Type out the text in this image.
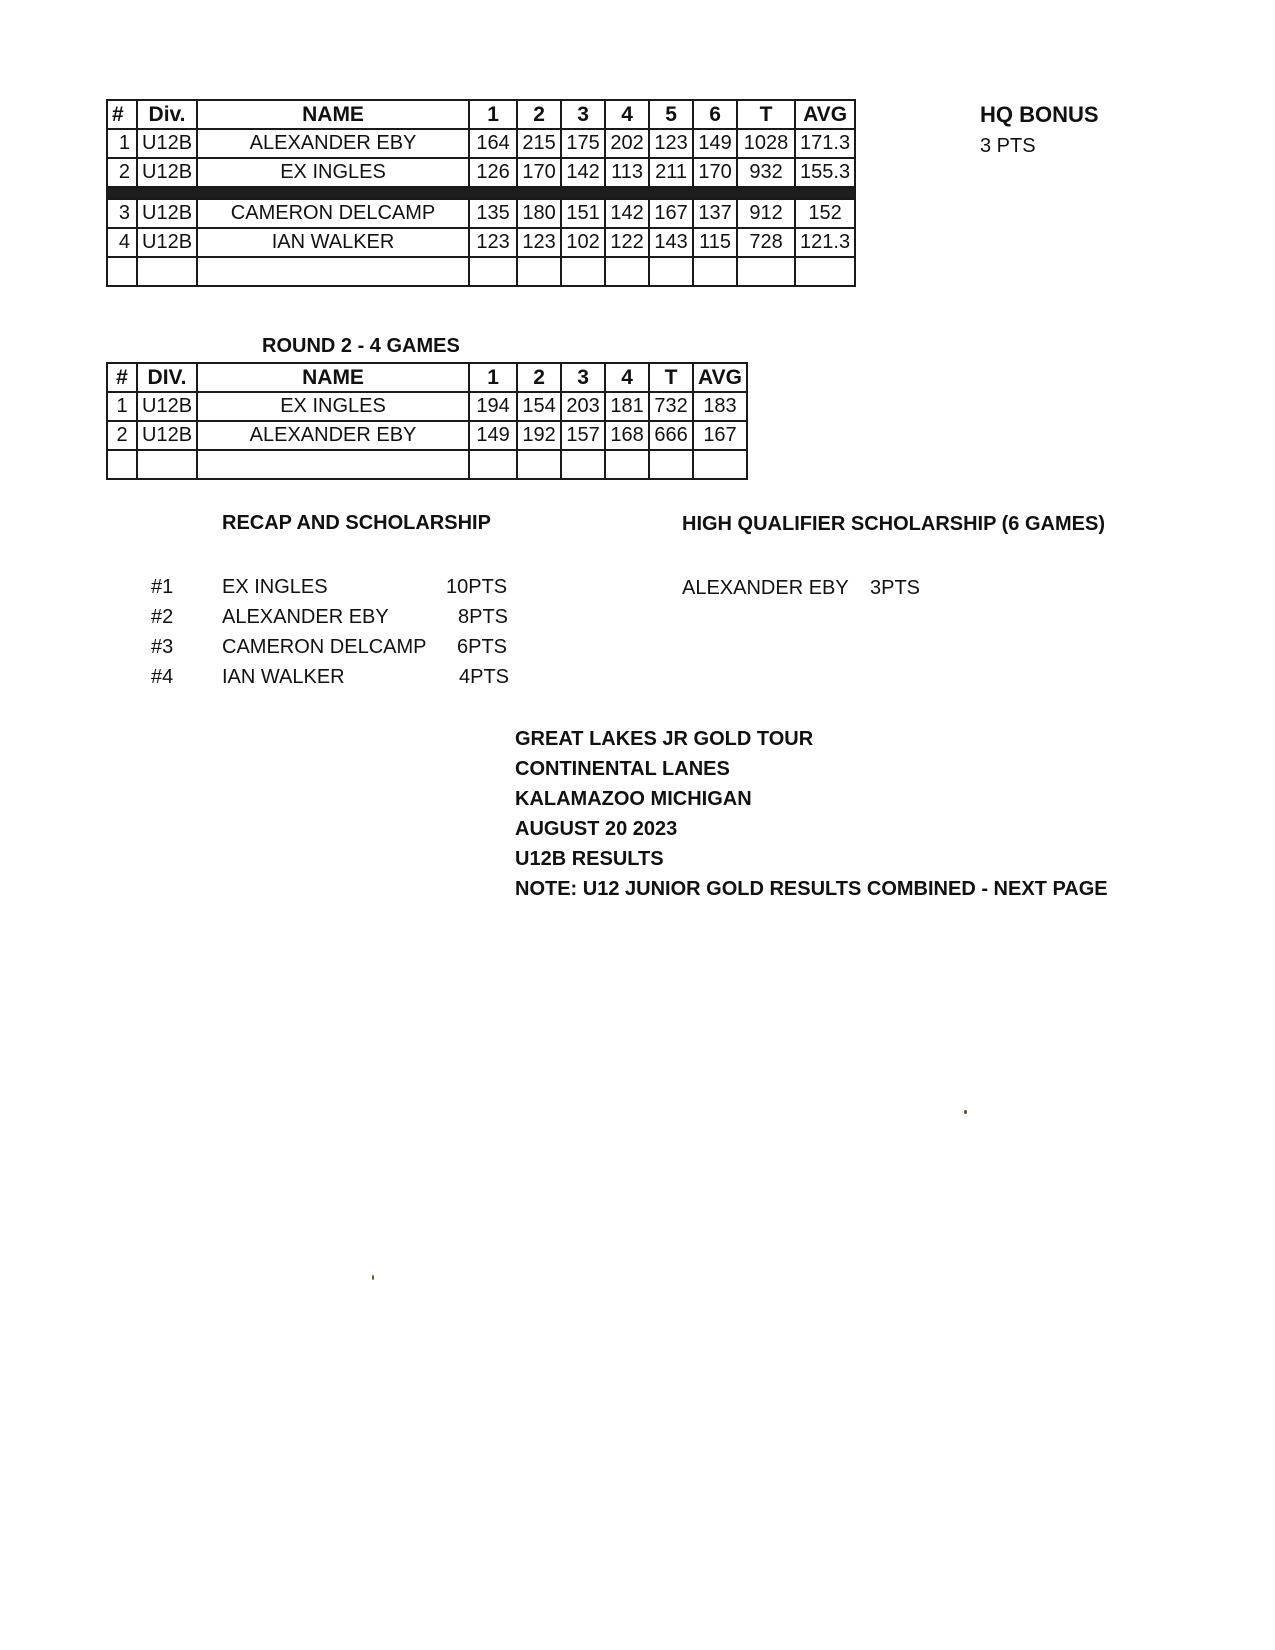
#	Div.	NAME	1	2	3	4	5	6	T	AVG
1	U12B	ALEXANDER EBY	164	215	175	202	123	149	1028	171.3
2	U12B	EX INGLES	126	170	142	113	211	170	932	155.3

3	U12B	CAMERON DELCAMP	135	180	151	142	167	137	912	152
4	U12B	IAN WALKER	123	123	102	122	143	115	728	121.3

HQ BONUS
3 PTS
ROUND 2 - 4 GAMES
#	DIV.	NAME	1	2	3	4	T	AVG
1	U12B	EX INGLES	194	154	203	181	732	183
2	U12B	ALEXANDER EBY	149	192	157	168	666	167

RECAP AND SCHOLARSHIP	HIGH QUALIFIER SCHOLARSHIP (6 GAMES)
#1 EX INGLES	10PTS
#2 ALEXANDER EBY	8PTS
#3 CAMERON DELCAMP 6PTS
#4 IAN WALKER	4PTS
ALEXANDER EBY 3PTS
GREAT LAKES JR GOLD TOUR
CONTINENTAL LANES
KALAMAZOO MICHIGAN
AUGUST 20 2023
U12B RESULTS
NOTE: U12 JUNIOR GOLD RESULTS COMBINED - NEXT PAGE
